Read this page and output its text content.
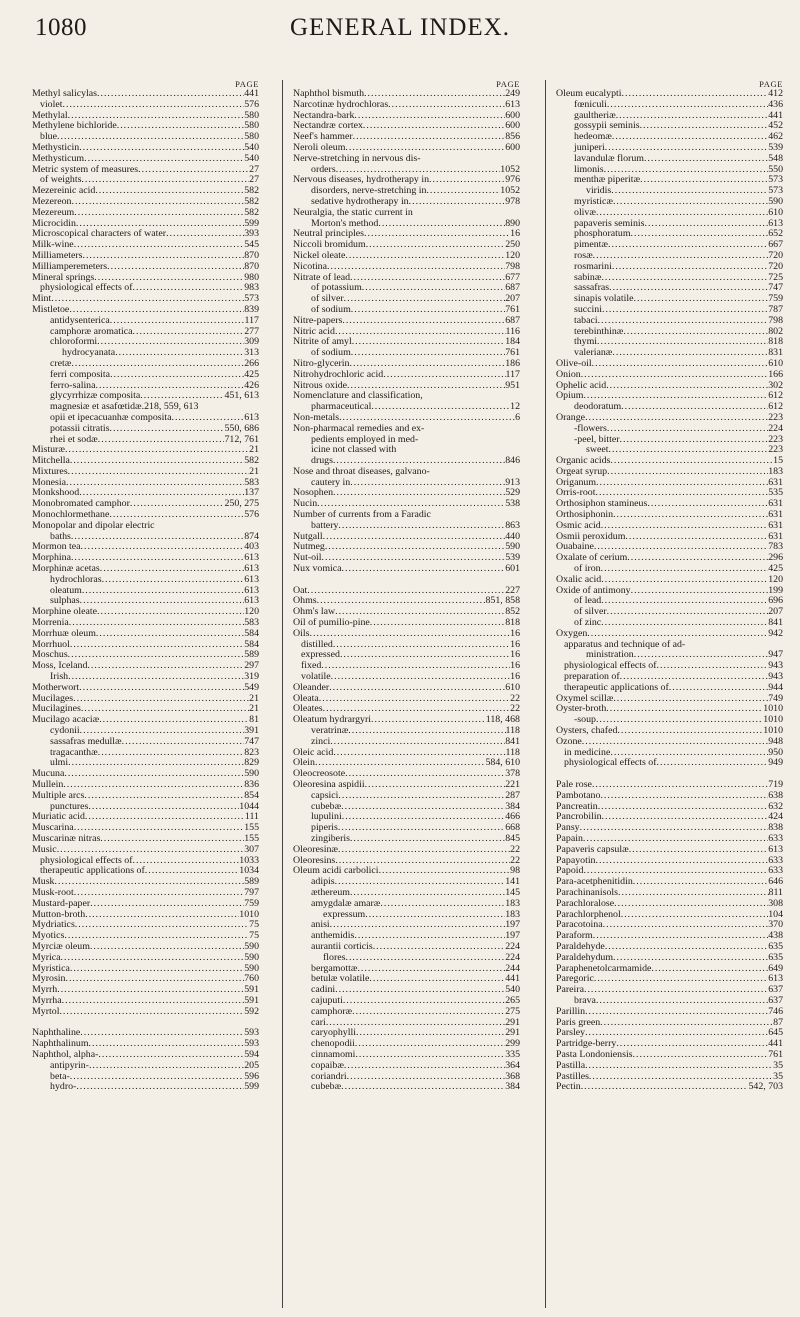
1080	GENERAL INDEX.
PAGE
Methyl salicylas .....	441
violet .....	576
Methylal .....	580
Methylene bichloride .....	580
blue .....	580
Methysticin .....	540
Methysticum .....	540
Metric system of measures .....	27
of weights .....	27
Mezereinic acid .....	582
Mezereon .....	582
Mezereum .....	582
Microcidin .....	599
Microscopical characters of water .....	393
Milk-wine .....	545
Milliameters .....	870
Milliamperemeters .....	870
Mineral springs .....	980
physiological effects of .....	983
Mint .....	573
Mistletoe .....	839
antidysenterica .....	117
camphoræ aromatica .....	277
chloroformi .....	309
hydrocyanata .....	313
cretæ .....	266
ferri composita .....	425
ferro-salina .....	426
glycyrrhizæ composita .....	451, 613
magnesiæ et asafœtidæ.218, 559, 613
opii et ipecacuanhæ composita .....	613
potassii citratis .....	550, 686
rhei et sodæ .....	712, 761
Misturæ .....	21
Mitchella .....	582
Mixtures .....	21
Monesia .....	583
Monkshood .....	137
Monobromated camphor .....	250, 275
Monochlormethane .....	576
Monopolar and dipolar electric
baths .....	874
Mormon tea .....	403
Morphina .....	613
Morphinæ acetas .....	613
hydrochloras .....	613
oleatum .....	613
sulphas .....	613
Morphine oleate .....	120
Morrenia .....	583
Morrhuæ oleum .....	584
Morrhuol .....	584
Moschus .....	589
Moss, Iceland .....	297
Irish .....	319
Motherwort .....	549
Mucilages .....	21
Mucilagines .....	21
Mucilago acaciæ .....	81
cydonii .....	391
sassafras medullæ .....	747
tragacanthæ .....	823
ulmi .....	829
Mucuna .....	590
Mullein .....	836
Multiple arcs .....	854
punctures .....	1044
Muriatic acid .....	111
Muscarina .....	155
Muscarinæ nitras .....	155
Music .....	307
physiological effects of .....	1033
therapeutic applications of .....	1034
Musk .....	589
Musk-root .....	797
Mustard-paper .....	759
Mutton-broth .....	1010
Mydriatics .....	75
Myotics .....	75
Myrciæ oleum .....	590
Myrica .....	590
Myristica .....	590
Myrosin .....	760
Myrrh .....	591
Myrrha .....	591
Myrtol .....	592
Naphthaline .....	593
Naphthalinum .....	593
Naphthol, alpha- .....	594
antipyrin- .....	205
beta- .....	596
hydro- .....	599
PAGE
Naphthol bismuth .....	249
Narcotinæ hydrochloras .....	613
Nectandra-bark .....	600
Nectandræ cortex .....	600
Neef's hammer .....	856
Neroli oleum .....	600
Nerve-stretching in nervous dis-
orders .....	1052
Nervous diseases, hydrotherapy in .....	976
disorders, nerve-stretching in .....	1052
sedative hydrotherapy in .....	978
Neuralgia, the static current in
Morton's method .....	890
Neutral principles .....	16
Niccoli bromidum .....	250
Nickel oleate .....	120
Nicotina .....	798
Nitrate of lead .....	677
of potassium .....	687
of silver .....	207
of sodium .....	761
Nitre-papers .....	687
Nitric acid .....	116
Nitrite of amyl .....	184
of sodium .....	761
Nitro-glycerin .....	186
Nitrohydrochloric acid .....	117
Nitrous oxide .....	951
Nomenclature and classification,
pharmaceutical .....	12
Non-metals .....	6
Non-pharmacal remedies and ex-
pedients employed in med-
icine not classed with
drugs .....	846
Nose and throat diseases, galvano-
cautery in .....	913
Nosophen .....	529
Nucin .....	538
Number of currents from a Faradic
battery .....	863
Nutgall .....	440
Nutmeg .....	590
Nut-oil .....	539
Nux vomica .....	601
Oat .....	227
Ohms .....	851, 858
Ohm's law .....	852
Oil of pumilio-pine .....	818
Oils .....	16
distilled .....	16
expressed .....	16
fixed .....	16
volatile .....	16
Oleander .....	610
Oleata .....	22
Oleates .....	22
Oleatum hydrargyri .....	118, 468
veratrinæ .....	118
zinci .....	841
Oleic acid .....	118
Olein .....	584, 610
Oleocreosote .....	378
Oleoresina aspidii .....	221
capsici .....	287
cubebæ .....	384
lupulini .....	466
piperis .....	668
zingiberis .....	845
Oleoresinæ .....	22
Oleoresins .....	22
Oleum acidi carbolici .....	98
adipis .....	141
æthereum .....	145
amygdalæ amaræ .....	183
expressum .....	183
anisi .....	197
anthemidis .....	197
aurantii corticis .....	224
flores .....	224
bergamottæ .....	244
betulæ volatile .....	441
cadini .....	540
cajuputi .....	265
camphoræ .....	275
cari .....	291
caryophylli .....	291
chenopodii .....	299
cinnamomi .....	335
copaibæ .....	364
coriandri .....	368
cubebæ .....	384
PAGE
Oleum eucalypti .....	412
fœniculi .....	436
gaultheriæ .....	441
gossypii seminis .....	452
hedeomæ .....	462
juniperi .....	539
lavandulæ florum .....	548
limonis .....	550
menthæ piperitæ .....	573
viridis .....	573
myristicæ .....	590
olivæ .....	610
papaveris seminis .....	613
phosphoratum .....	652
pimentæ .....	667
rosæ .....	720
rosmarini .....	720
sabinæ .....	725
sassafras .....	747
sinapis volatile .....	759
succini .....	787
tabaci .....	798
terebinthinæ .....	802
thymi .....	818
valerianæ .....	831
Olive-oil .....	610
Onion .....	166
Ophelic acid .....	302
Opium .....	612
deodoratum .....	612
Orange .....	223
-flowers .....	224
-peel, bitter .....	223
sweet .....	223
Organic acids .....	15
Orgeat syrup .....	183
Origanum .....	631
Orris-root .....	535
Orthosiphon stamineus .....	631
Orthosiphonin .....	631
Osmic acid .....	631
Osmii peroxidum .....	631
Ouabaine .....	783
Oxalate of cerium .....	296
of iron .....	425
Oxalic acid .....	120
Oxide of antimony .....	199
of lead .....	696
of silver .....	207
of zinc .....	841
Oxygen .....	942
apparatus and technique of ad-
ministration .....	947
physiological effects of .....	943
preparation of .....	943
therapeutic applications of .....	944
Oxymel scillæ .....	749
Oyster-broth .....	1010
-soup .....	1010
Oysters, chafed .....	1010
Ozone .....	948
in medicine .....	950
physiological effects of .....	949
Pale rose .....	719
Pambotano .....	638
Pancreatin .....	632
Pancrobilin .....	424
Pansy .....	838
Papain .....	633
Papaveris capsulæ .....	613
Papayotin .....	633
Papoid .....	633
Para-acetphenitidin .....	646
Parachinanisols .....	811
Parachloralose .....	308
Parachlorphenol .....	104
Paracotoina .....	370
Paraform .....	438
Paraldehyde .....	635
Paraldehydum .....	635
Paraphenetolcarmamide .....	649
Paregoric .....	613
Pareira .....	637
brava .....	637
Parillin .....	746
Paris green .....	87
Parsley .....	645
Partridge-berry .....	441
Pasta Londoniensis .....	761
Pastilla .....	35
Pastilles .....	35
Pectin .....	542, 703
